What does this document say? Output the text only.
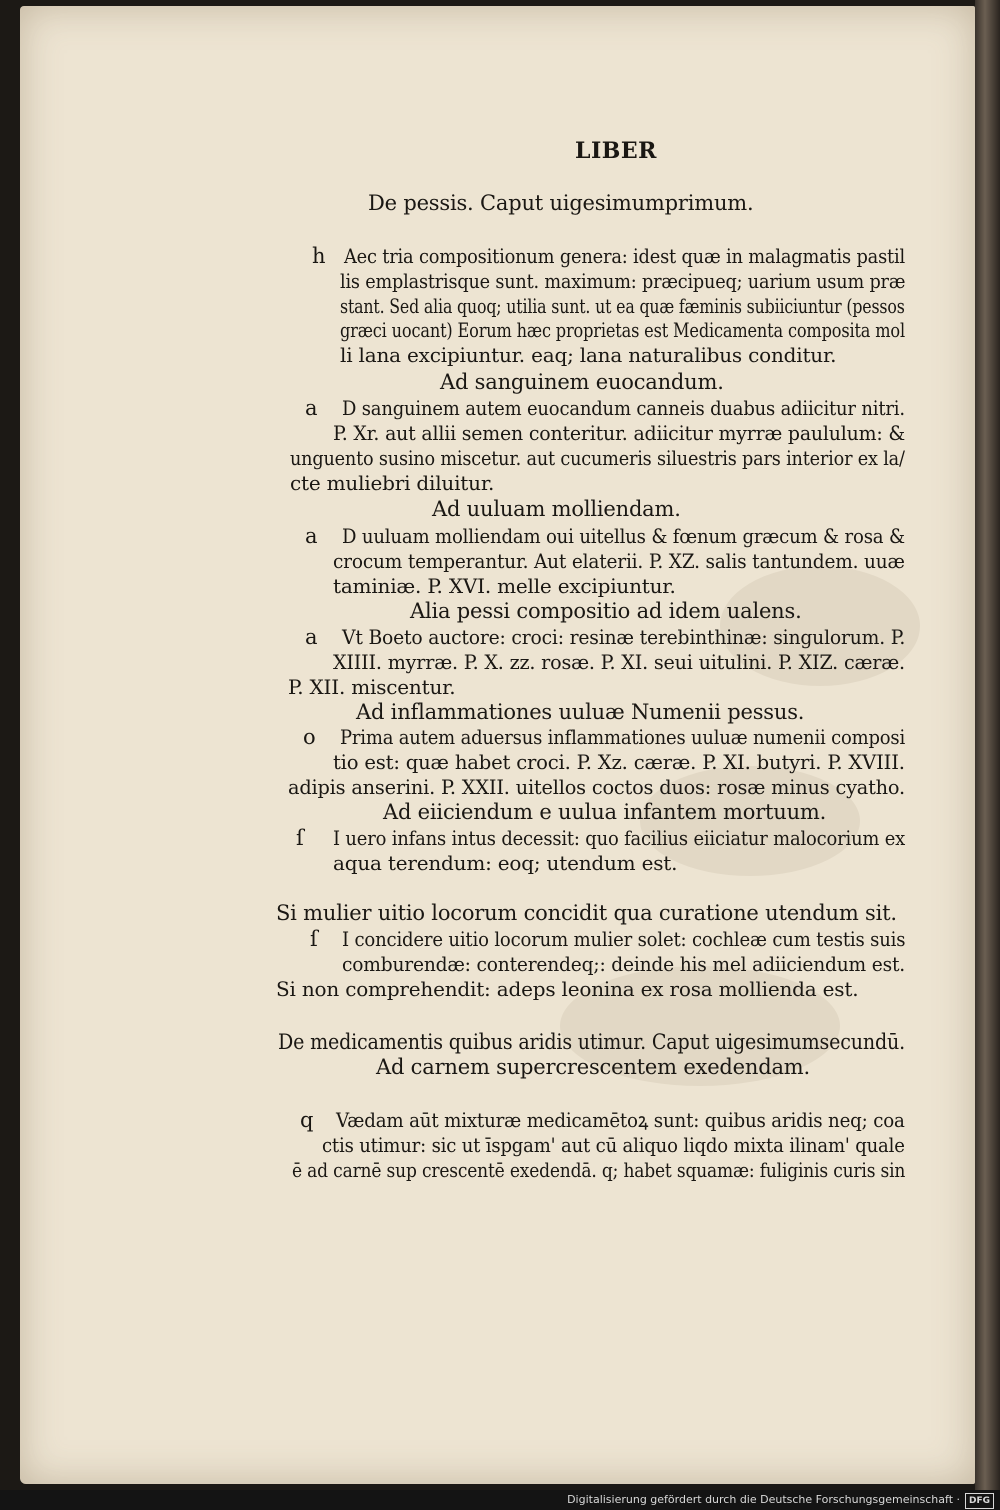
LIBER
De pessis. Caput uigesimumprimum.
h Aec tria compositionum genera: idest quæ in malagmatis pastil
lis emplastrisque sunt. maximum: præcipueq; uarium usum præ
stant. Sed alia quoq; utilia sunt. ut ea quæ fæminis subiiciuntur (pessos
græci uocant) Eorum hæc proprietas est Medicamenta composita mol
li lana excipiuntur. eaq; lana naturalibus conditur.
Ad sanguinem euocandum.
a D sanguinem autem euocandum canneis duabus adiicitur nitri.
P. Xr. aut allii semen conteritur. adiicitur myrræ paululum: &
unguento susino miscetur. aut cucumeris siluestris pars interior ex la/
cte muliebri diluitur.
Ad uuluam molliendam.
a D uuluam molliendam oui uitellus & fœnum græcum & rosa &
crocum temperantur. Aut elaterii. P. XZ. salis tantundem. uuæ
taminiæ. P. XVI. melle excipiuntur.
Alia pessi compositio ad idem ualens.
a Vt Boeto auctore: croci: resinæ terebinthinæ: singulorum. P.
XIIII. myrræ. P. X. zz. rosæ. P. XI. seui uitulini. P. XIZ. cæræ.
P. XII. miscentur.
Ad inflammationes uuluæ Numenii pessus.
o Prima autem aduersus inflammationes uuluæ numenii composi
tio est: quæ habet croci. P. Xz. cæræ. P. XI. butyri. P. XVIII.
adipis anserini. P. XXII. uitellos coctos duos: rosæ minus cyatho.
Ad eiiciendum e uulua infantem mortuum.
ſ I uero infans intus decessit: quo facilius eiiciatur malocorium ex
aqua terendum: eoq; utendum est.
Si mulier uitio locorum concidit qua curatione utendum sit.
ſ I concidere uitio locorum mulier solet: cochleæ cum testis suis
comburendæ: conterendeq;: deinde his mel adiiciendum est.
Si non comprehendit: adeps leonina ex rosa mollienda est.
De medicamentis quibus aridis utimur. Caput uigesimumsecundū.
Ad carnem supercrescentem exedendam.
q Vædam aūt mixturæ medicamētoꝝ sunt: quibus aridis neq; coa
ctis utimur: sic ut īspgam' aut cū aliquo liqdo mixta ilinam' quale
ē ad carnē sup crescentē exedendā. q; habet squamæ: fuliginis curis sin
Digitalisierung gefördert durch die Deutsche Forschungsgemeinschaft · DFG
